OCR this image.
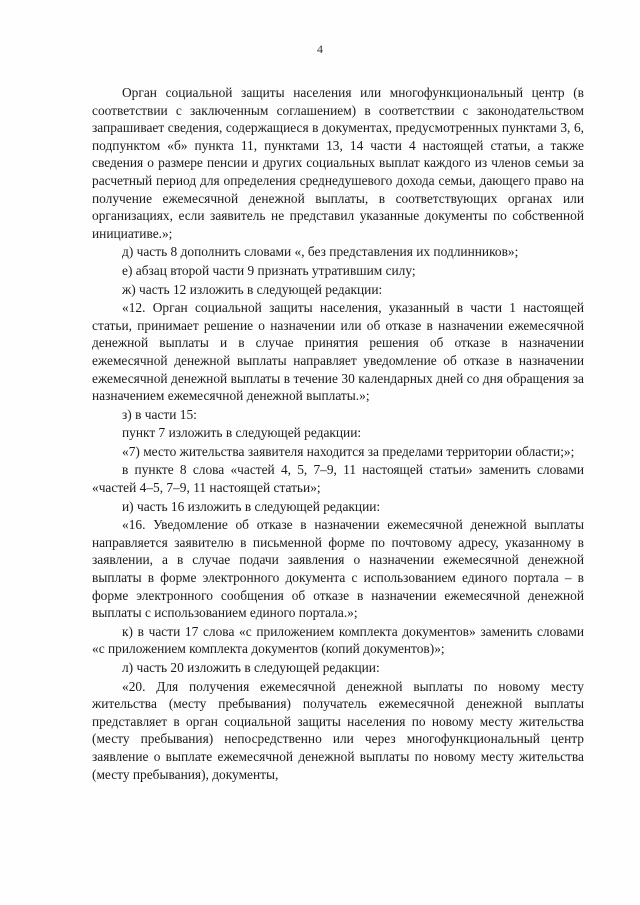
4

Орган социальной защиты населения или многофункциональный центр (в соответствии с заключенным соглашением) в соответствии с законодательством запрашивает сведения, содержащиеся в документах, предусмотренных пунктами 3, 6, подпунктом «б» пункта 11, пунктами 13, 14 части 4 настоящей статьи, а также сведения о размере пенсии и других социальных выплат каждого из членов семьи за расчетный период для определения среднедушевого дохода семьи, дающего право на получение ежемесячной денежной выплаты, в соответствующих органах или организациях, если заявитель не представил указанные документы по собственной инициативе.»;

д) часть 8 дополнить словами «, без представления их подлинников»;

е) абзац второй части 9 признать утратившим силу;

ж) часть 12 изложить в следующей редакции:

«12. Орган социальной защиты населения, указанный в части 1 настоящей статьи, принимает решение о назначении или об отказе в назначении ежемесячной денежной выплаты и в случае принятия решения об отказе в назначении ежемесячной денежной выплаты направляет уведомление об отказе в назначении ежемесячной денежной выплаты в течение 30 календарных дней со дня обращения за назначением ежемесячной денежной выплаты.»;

з) в части 15:

пункт 7 изложить в следующей редакции:

«7) место жительства заявителя находится за пределами территории области;»;

в пункте 8 слова «частей 4, 5, 7–9, 11 настоящей статьи» заменить словами «частей 4–5, 7–9, 11 настоящей статьи»;

и) часть 16 изложить в следующей редакции:

«16. Уведомление об отказе в назначении ежемесячной денежной выплаты направляется заявителю в письменной форме по почтовому адресу, указанному в заявлении, а в случае подачи заявления о назначении ежемесячной денежной выплаты в форме электронного документа с использованием единого портала – в форме электронного сообщения об отказе в назначении ежемесячной денежной выплаты с использованием единого портала.»;

к) в части 17 слова «с приложением комплекта документов» заменить словами «с приложением комплекта документов (копий документов)»;

л) часть 20 изложить в следующей редакции:

«20. Для получения ежемесячной денежной выплаты по новому месту жительства (месту пребывания) получатель ежемесячной денежной выплаты представляет в орган социальной защиты населения по новому месту жительства (месту пребывания) непосредственно или через многофункциональный центр заявление о выплате ежемесячной денежной выплаты по новому месту жительства (месту пребывания), документы,
